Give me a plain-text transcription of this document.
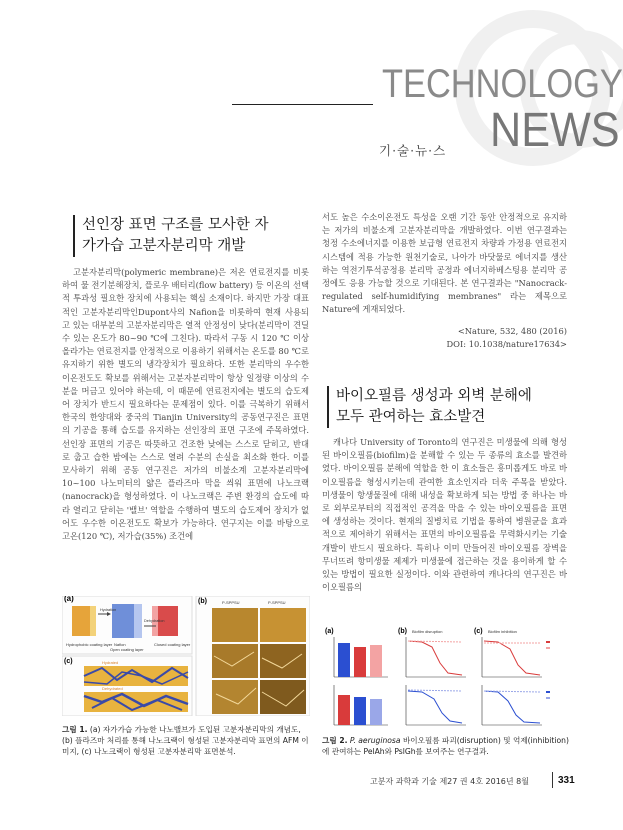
TECHNOLOGY
NEWS
기·술·뉴·스
선인장 표면 구조를 모사한 자가가습 고분자분리막 개발

고분자분리막(polymeric membrane)은 저온 연료전지를 비롯하여 물 전기분해장치, 플로우 배터리(flow battery) 등 이온의 선택적 투과성 필요한 장치에 사용되는 핵심 소재이다. 하지만 가장 대표적인 고분자분리막인Dupont사의 Nafion을 비롯하여 현재 사용되고 있는 대부분의 고분자분리막은 열적 안정성이 낮다(분리막이 견딜 수 있는 온도가 80~90 ℃에 그친다). 따라서 구동 시 120 ℃ 이상 올라가는 연료전지를 안정적으로 이용하기 위해서는 온도를 80 ℃로 유지하기 위한 별도의 냉각장치가 필요하다. 또한 분리막의 우수한 이온전도도 확보를 위해서는 고분자분리막이 항상 일정량 이상의 수분을 머금고 있어야 하는데, 이 때문에 연료전지에는 별도의 습도제어 장치가 반드시 필요하다는 문제점이 있다. 이를 극복하기 위해서 한국의 한양대와 중국의 Tianjin University의 공동연구진은 표면의 기공을 통해 습도를 유지하는 선인장의 표면 구조에 주목하였다. 선인장 표면의 기공은 따뜻하고 건조한 낮에는 스스로 닫히고, 반대로 춥고 습한 밤에는 스스로 열려 수분의 손실을 최소화 한다. 이를 모사하기 위해 공동 연구진은 저가의 비불소계 고분자분리막에 10~100 나노미터의 얇은 플라즈마 막을 씌워 표면에 나노크랙(nanocrack)을 형성하였다. 이 나노크랙은 주변 환경의 습도에 따라 열리고 닫히는 '밸브' 역할을 수행하여 별도의 습도제어 장치가 없어도 우수한 이온전도도 확보가 가능하다. 연구지는 이를 바탕으로 고온(120 ℃), 저가습(35%) 조건에

(a)
Hydrophobic coating layer
Hydration
Dehydration
Closed coating layer
Nafion
Open coating layer
(c)	Hydrated
Dehydrated
(b)	P-SPPSU	P-SPPSU
그림 1. (a) 자가가습 가능한 나노밸브가 도입된 고분자분리막의 개념도, (b) 플라즈마 처리를 통해 나노크랙이 형성된 고분자분리막 표면의 AFM 이미지, (c) 나노크랙이 형성된 고분자분리막 표면분석.

서도 높은 수소이온전도 특성을 오랜 기간 동안 안정적으로 유지하는 저가의 비불소계 고분자분리막을 개발하였다. 이번 연구결과는 청정 수소에너지를 이용한 보급형 연료전지 차량과 가정용 연료전지 시스템에 적용 가능한 원천기술로, 나아가 바닷물로 에너지를 생산하는 역전기투석공정용 분리막 공정과 에너지하베스팅용 분리막 공정에도 응용 가능할 것으로 기대된다. 본 연구결과는 "Nanocrack-regulated self-humidifying membranes" 라는 제목으로 Nature에 게재되었다.

<Nature, 532, 480 (2016)
DOI: 10.1038/nature17634>
바이오필름 생성과 외벽 분해에 모두 관여하는 효소발견

캐나다 University of Toronto의 연구진은 미생물에 의해 형성된 바이오필름(biofilm)을 분해할 수 있는 두 종류의 효소를 발견하였다. 바이오필름 분해에 역할을 한 이 효소들은 흥미롭게도 바로 바이오필름을 형성시키는데 관여한 효소인지라 더욱 주목을 받았다. 미생물이 항생물질에 대해 내성을 확보하게 되는 방법 중 하나는 바로 외부로부터의 직접적인 공격을 막을 수 있는 바이오필름을 표면에 생성하는 것이다. 현재의 질병치료 기법을 통하여 병원균을 효과적으로 제어하기 위해서는 표면의 바이오필름을 무력화시키는 기술 개발이 반드시 필요하다. 특히나 이미 만들어진 바이오필름 장벽을 무너뜨려 항미생물 제제가 미생물에 접근하는 것을 용이하게 할 수 있는 방법이 필요한 실정이다. 이와 관련하여 캐나다의 연구진은 바이오필름의

(a)	(b)	(c)
Biofilm disruption	Biofilm inhibition
그림 2. P. aeruginosa 바이오필름 파괴(disruption) 및 억제(inhibition)에 관여하는 PelAh와 PslGh를 보여주는 연구결과.
고분자 과학과 기술 제27 권 4호 2016년 8월	331
